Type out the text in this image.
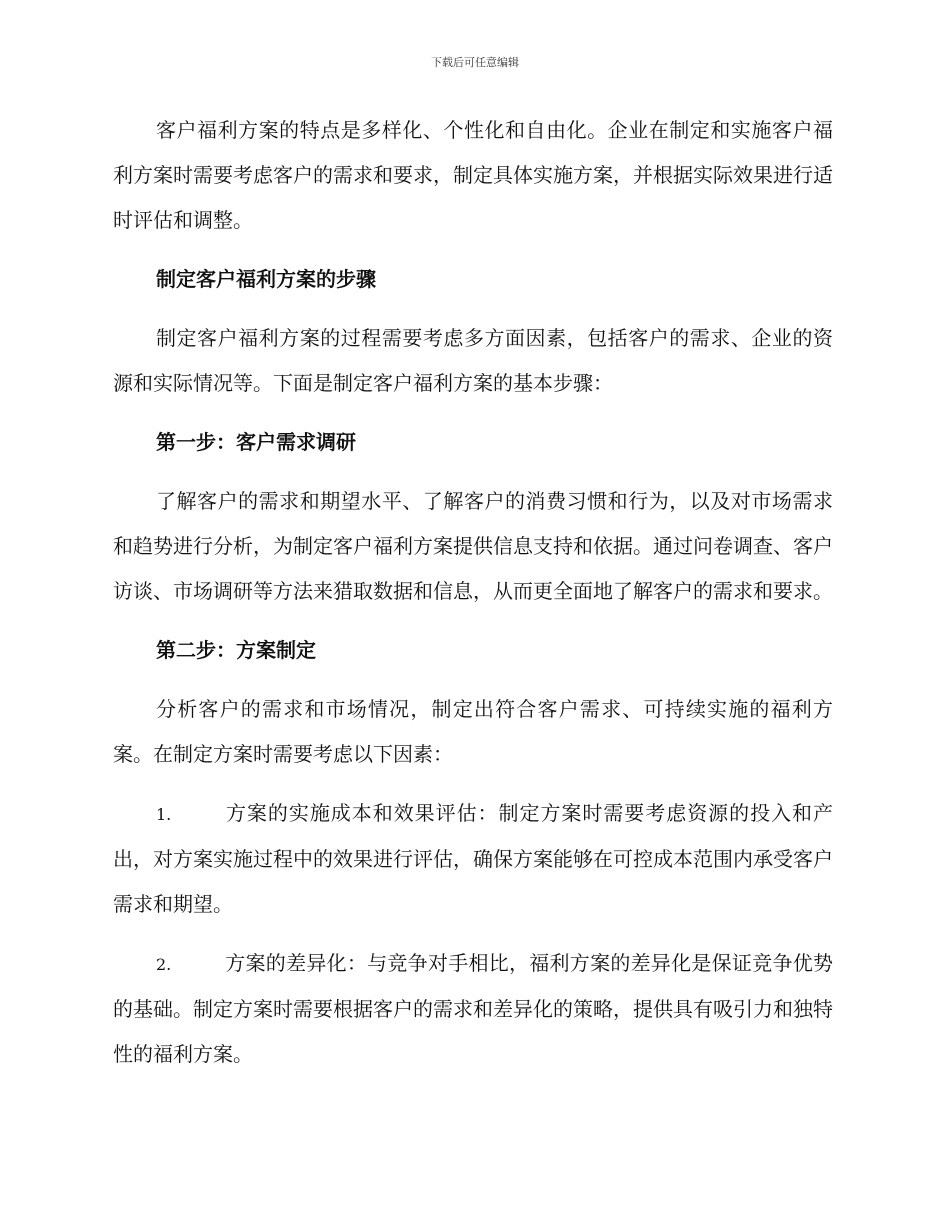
下载后可任意编辑

客户福利方案的特点是多样化、个性化和自由化。企业在制定和实施客户福利方案时需要考虑客户的需求和要求，制定具体实施方案，并根据实际效果进行适时评估和调整。

制定客户福利方案的步骤

制定客户福利方案的过程需要考虑多方面因素，包括客户的需求、企业的资源和实际情况等。下面是制定客户福利方案的基本步骤：

第一步：客户需求调研

了解客户的需求和期望水平、了解客户的消费习惯和行为，以及对市场需求和趋势进行分析，为制定客户福利方案提供信息支持和依据。通过问卷调查、客户访谈、市场调研等方法来猎取数据和信息，从而更全面地了解客户的需求和要求。

第二步：方案制定

分析客户的需求和市场情况，制定出符合客户需求、可持续实施的福利方案。在制定方案时需要考虑以下因素：

1.	方案的实施成本和效果评估：制定方案时需要考虑资源的投入和产出，对方案实施过程中的效果进行评估，确保方案能够在可控成本范围内承受客户需求和期望。

2.	方案的差异化：与竞争对手相比，福利方案的差异化是保证竞争优势的基础。制定方案时需要根据客户的需求和差异化的策略，提供具有吸引力和独特性的福利方案。
